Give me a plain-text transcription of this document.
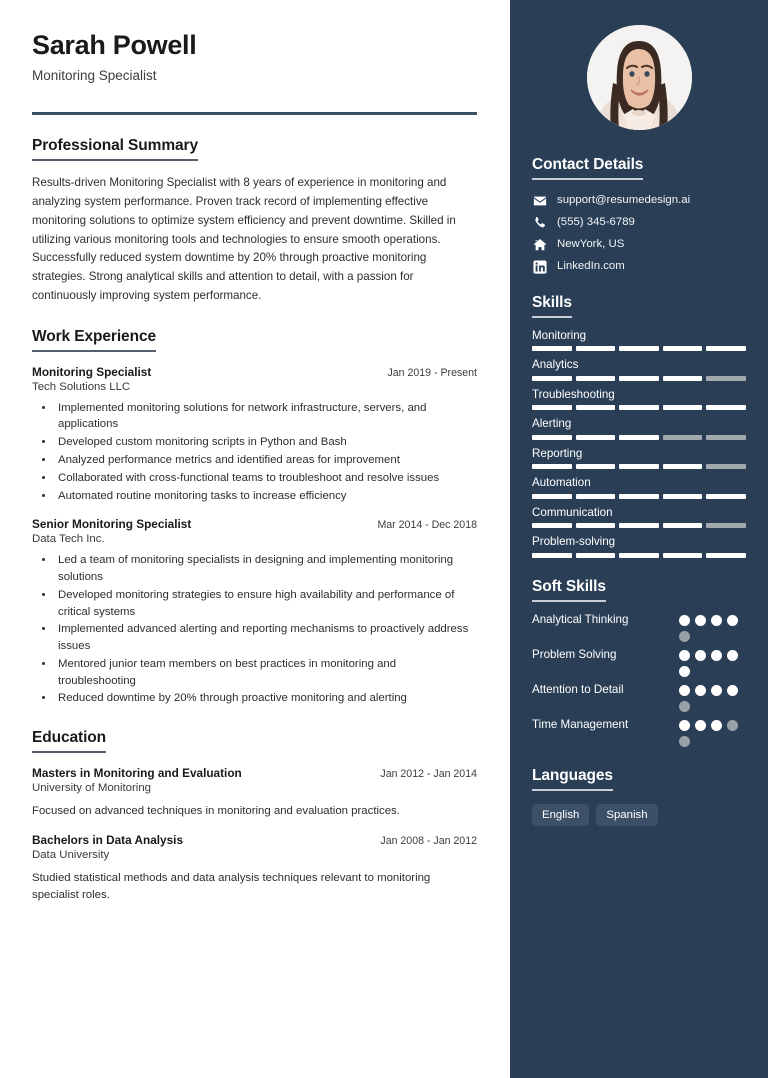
Sarah Powell
Monitoring Specialist
Professional Summary
Results-driven Monitoring Specialist with 8 years of experience in monitoring and analyzing system performance. Proven track record of implementing effective monitoring solutions to optimize system efficiency and prevent downtime. Skilled in utilizing various monitoring tools and technologies to ensure smooth operations. Successfully reduced system downtime by 20% through proactive monitoring strategies. Strong analytical skills and attention to detail, with a passion for continuously improving system performance.
Work Experience
Monitoring Specialist	Jan 2019 - Present
Tech Solutions LLC
• Implemented monitoring solutions for network infrastructure, servers, and applications
• Developed custom monitoring scripts in Python and Bash
• Analyzed performance metrics and identified areas for improvement
• Collaborated with cross-functional teams to troubleshoot and resolve issues
• Automated routine monitoring tasks to increase efficiency
Senior Monitoring Specialist	Mar 2014 - Dec 2018
Data Tech Inc.
• Led a team of monitoring specialists in designing and implementing monitoring solutions
• Developed monitoring strategies to ensure high availability and performance of critical systems
• Implemented advanced alerting and reporting mechanisms to proactively address issues
• Mentored junior team members on best practices in monitoring and troubleshooting
• Reduced downtime by 20% through proactive monitoring and alerting
Education
Masters in Monitoring and Evaluation	Jan 2012 - Jan 2014
University of Monitoring
Focused on advanced techniques in monitoring and evaluation practices.
Bachelors in Data Analysis	Jan 2008 - Jan 2012
Data University
Studied statistical methods and data analysis techniques relevant to monitoring specialist roles.
Contact Details
support@resumedesign.ai
(555) 345-6789
NewYork, US
LinkedIn.com
Skills
Monitoring
Analytics
Troubleshooting
Alerting
Reporting
Automation
Communication
Problem-solving
Soft Skills
Analytical Thinking
Problem Solving
Attention to Detail
Time Management
Languages
English	Spanish
